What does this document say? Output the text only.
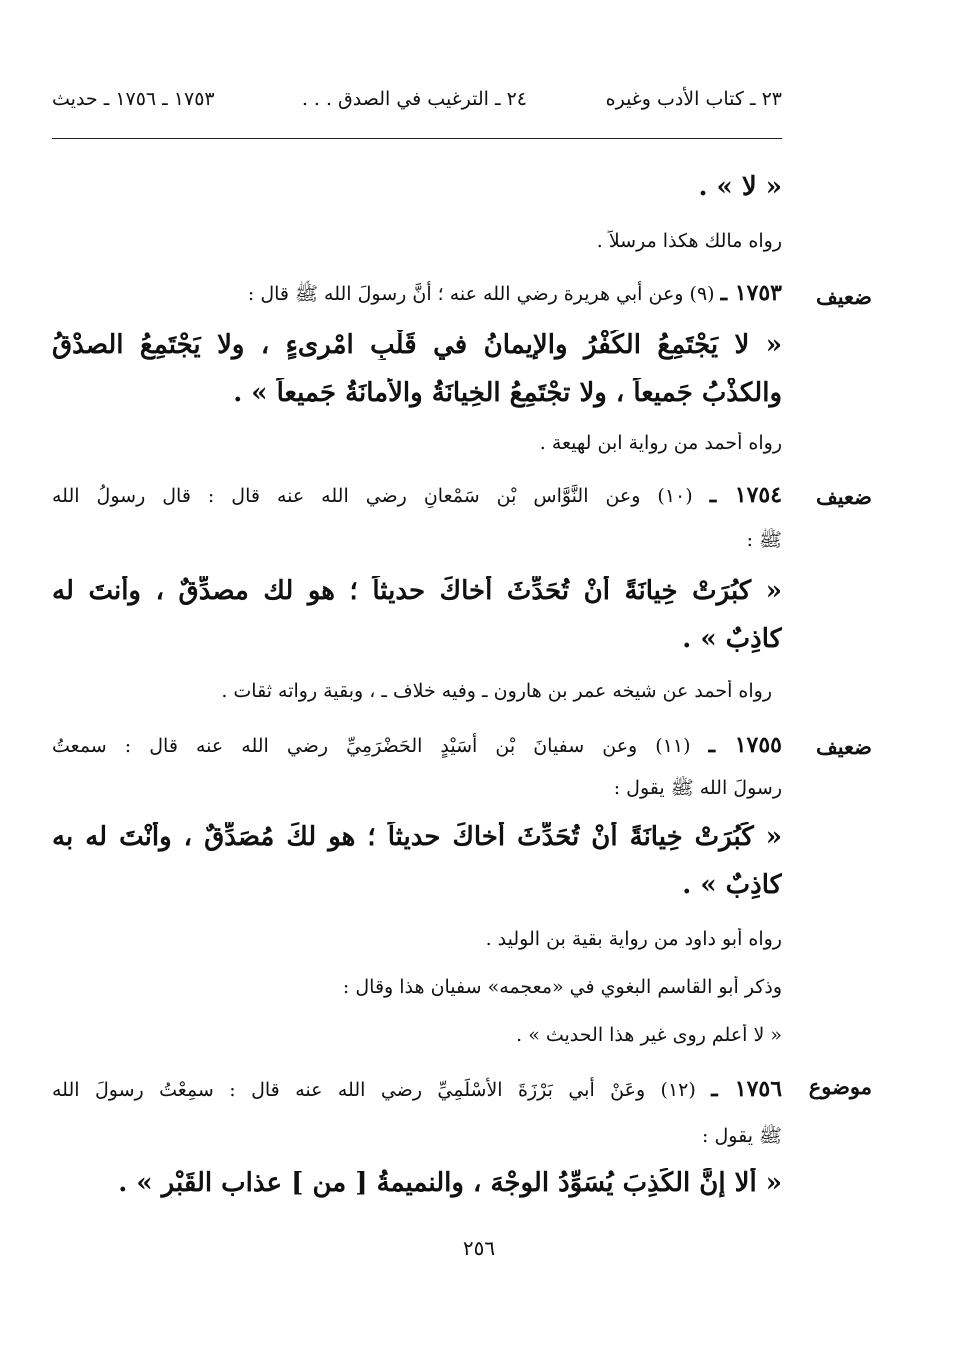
٢٣ ـ كتاب الأدب وغيره
٢٤ ـ الترغيب في الصدق . . .
١٧٥٣ ـ ١٧٥٦ ـ حديث
« لا » .
رواه مالك هكذا مرسلاً .
ضعيف
١٧٥٣ ـ (٩) وعن أبي هريرة رضي الله عنه ؛ أنَّ رسولَ الله ﷺ قال :
« لا يَجْتَمِعُ الكُفْرُ والإيمانُ في قَلْبِ امْرِىءٍ ، ولا يَجْتَمِعُ الصدْقُ
والكذْبُ جَميعاً ، ولا تجْتَمِعُ الخِيانَةُ والأمانَةُ جَميعاً » .
رواه أحمد من رواية ابن لهيعة .
ضعيف
١٧٥٤ ـ (١٠) وعن النَّوَّاسِ بْنِ سَمْعانٍ رضي الله عنه قال : قال رسولُ الله
ﷺ :
« كبُرَتْ خِيانَةً أنْ تُحَدِّثَ أخاكَ حديثاً ؛ هو لك مصدِّقٌ ، وأنتَ له
كاذِبٌ » .
رواه أحمد عن شيخه عمر بن هارون ـ وفيه خلاف ـ ، وبقية رواته ثقات .
ضعيف
١٧٥٥ ـ (١١) وعن سفيانَ بْنِ أُسَيْدٍ الحَضْرَمِيِّ رضي الله عنه قال : سمعتُ
رسولَ الله ﷺ يقول :
« كَبُرَتْ خِيانَةً أنْ تُحَدِّثَ أخاكَ حديثاً ؛ هو لكَ مُصَدِّقٌ ، وأنْتَ له به
كاذِبٌ » .
رواه أبو داود من رواية بقية بن الوليد .
وذكر أبو القاسم البغوي في «معجمه» سفيان هذا وقال :
« لا أعلم روى غير هذا الحديث » .
موضوع
١٧٥٦ ـ (١٢) وعَنْ أبي بَرْزَةَ الأسْلَمِيِّ رضي الله عنه قال : سمِعْتُ رسولَ الله
ﷺ يقول :
« ألا إنَّ الكَذِبَ يُسَوِّدُ الوجْهَ ، والنميمةُ [ من ] عذاب القَبْرِ » .
٢٥٦
